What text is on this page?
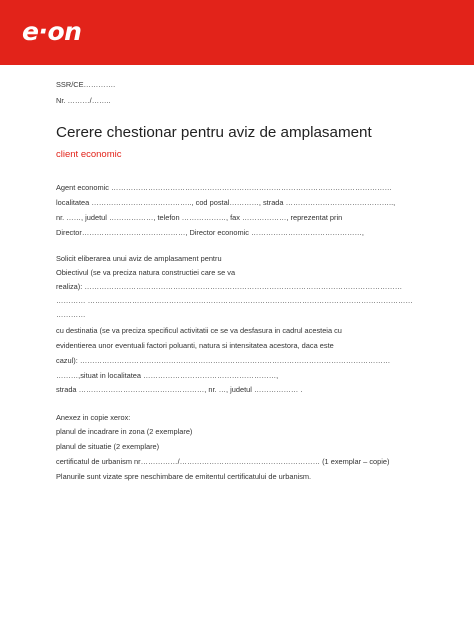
e·on
SSR/CE………….
Nr. ………/……..
Cerere chestionar pentru aviz de amplasament
client economic
Agent economic ……………………………………………………………………………………………………
localitatea ………………………………….., cod postal…………, strada ……………………………………..,
nr. ……, judetul ………………, telefon ………………, fax ………………, reprezentat prin
Director……………………………………, Director economic ………………………………………,
Solicit eliberarea unui aviz de amplasament pentru
Obiectivul (se va preciza natura constructiei care se va
realiza): …………………………………………………………………………………………………………………
………… ……………………………………………………………………………………………………………………
…………
cu destinatia (se va preciza specificul activitatii ce se va desfasura in cadrul acesteia cu
evidentierea unor eventuali factori poluanti, natura si intensitatea acestora, daca este
cazul): ………………………………………………………………………………………………………………
………,situat in localitatea ………………………………………………,
strada ……………………………………………, nr. …, judetul ……………… .
Anexez in copie xerox:
planul de incadrare in zona (2 exemplare)
planul de situatie (2 exemplare)
certificatul de urbanism nr……………/………………………………………………… (1 exemplar – copie)
Planurile sunt vizate spre neschimbare de emitentul certificatului de urbanism.
